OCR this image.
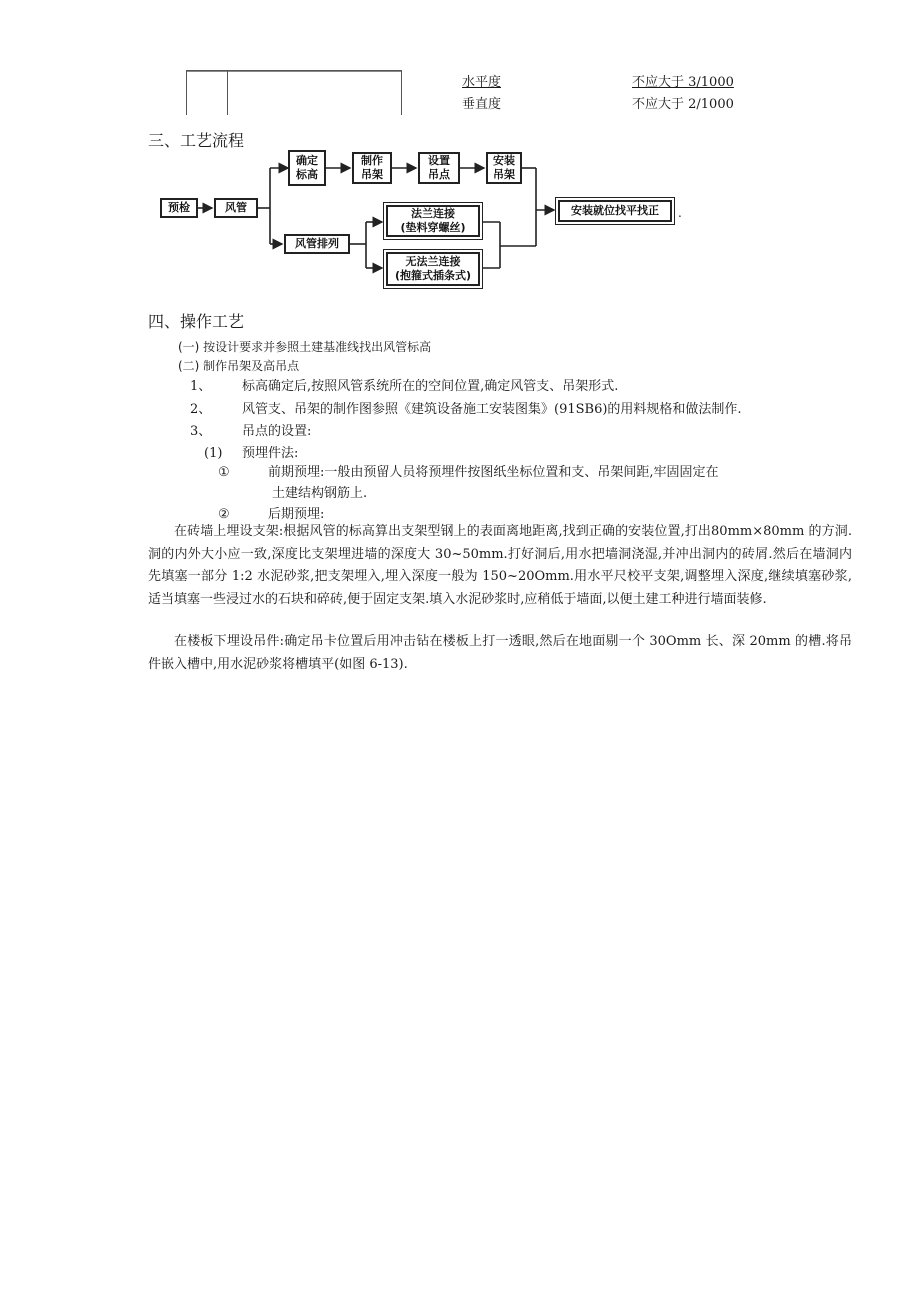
水平度	不应大于 3/1000
垂直度	不应大于 2/1000
三、工艺流程
预检	风管
确定
标高
制作
吊架
设置
吊点
安装
吊架
风管排列
法兰连接
(垫料穿螺丝)
无法兰连接
(抱箍式插条式)
安装就位找平找正 .
四、操作工艺
(一) 按设计要求并参照土建基准线找出风管标高
(二) 制作吊架及高吊点
1、 标高确定后,按照风管系统所在的空间位置,确定风管支、吊架形式.
2、 风管支、吊架的制作图参照《建筑设备施工安装图集》(91SB6)的用料规格和做法制作.
3、 吊点的设置:
(1) 预埋件法:
①	前期预埋:一般由预留人员将预埋件按图纸坐标位置和支、吊架间距,牢固固定在
土建结构钢筋上.
②	后期预埋:
在砖墙上埋设支架:根据风管的标高算出支架型钢上的表面离地距离,找到正确的安装位置,打出80mm×80mm 的方洞.洞的内外大小应一致,深度比支架埋进墙的深度大 30~50mm.打好洞后,用水把墙洞浇湿,并冲出洞内的砖屑.然后在墙洞内先填塞一部分 1:2 水泥砂浆,把支架埋入,埋入深度一般为 150~20Omm.用水平尺校平支架,调整埋入深度,继续填塞砂浆,适当填塞一些浸过水的石块和碎砖,便于固定支架.填入水泥砂浆时,应稍低于墙面,以便土建工种进行墙面装修.
在楼板下埋设吊件:确定吊卡位置后用冲击钻在楼板上打一透眼,然后在地面剔一个 30Omm 长、深 20mm 的槽.将吊件嵌入槽中,用水泥砂浆将槽填平(如图 6-13).
